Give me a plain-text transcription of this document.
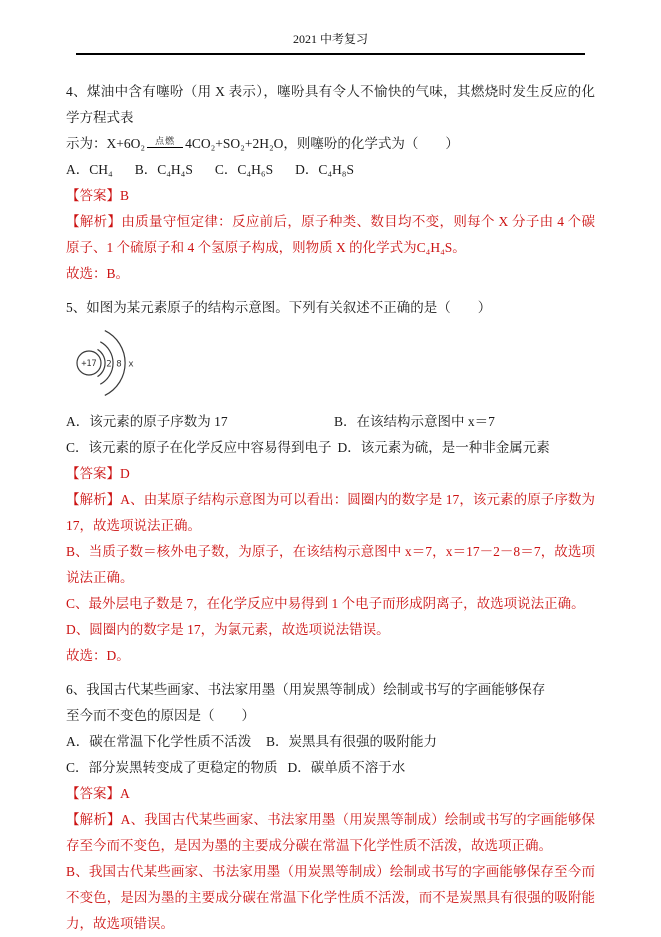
2021 中考复习

4、煤油中含有噻吩（用 X 表示），噻吩具有令人不愉快的气味，其燃烧时发生反应的化学方程式表

示为：X+6O₂	点燃 4CO₂+SO₂+2H₂O，则噻吩的化学式为（　　）

A．CH₄ B．C₄H₄S C．C₄H₆S D．C₄H₈S

【答案】B

【解析】由质量守恒定律：反应前后，原子种类、数目均不变，则每个 X 分子由 4 个碳原子、1 个硫原子和 4 个氢原子构成，则物质 X 的化学式为C₄H₄S。

故选：B。

5、如图为某元素原子的结构示意图。下列有关叙述不正确的是（　　）

+17 2 8 x

A．该元素的原子序数为 17	B．在该结构示意图中 x＝7

C．该元素的原子在化学反应中容易得到电子 D．该元素为硫，是一种非金属元素

【答案】D

【解析】A、由某原子结构示意图为可以看出：圆圈内的数字是 17，该元素的原子序数为 17，故选项说法正确。

B、当质子数＝核外电子数，为原子，在该结构示意图中 x＝7，x＝17－2－8＝7，故选项说法正确。

C、最外层电子数是 7，在化学反应中易得到 1 个电子而形成阴离子，故选项说法正确。

D、圆圈内的数字是 17，为氯元素，故选项说法错误。

故选：D。

6、我国古代某些画家、书法家用墨（用炭黑等制成）绘制或书写的字画能够保存

至今而不变色的原因是（　　）

A．碳在常温下化学性质不活泼 B．炭黑具有很强的吸附能力

C．部分炭黑转变成了更稳定的物质 D．碳单质不溶于水

【答案】A

【解析】A、我国古代某些画家、书法家用墨（用炭黑等制成）绘制或书写的字画能够保存至今而不变色，是因为墨的主要成分碳在常温下化学性质不活泼，故选项正确。

B、我国古代某些画家、书法家用墨（用炭黑等制成）绘制或书写的字画能够保存至今而不变色，是因为墨的主要成分碳在常温下化学性质不活泼，而不是炭黑具有很强的吸附能力，故选项错误。
